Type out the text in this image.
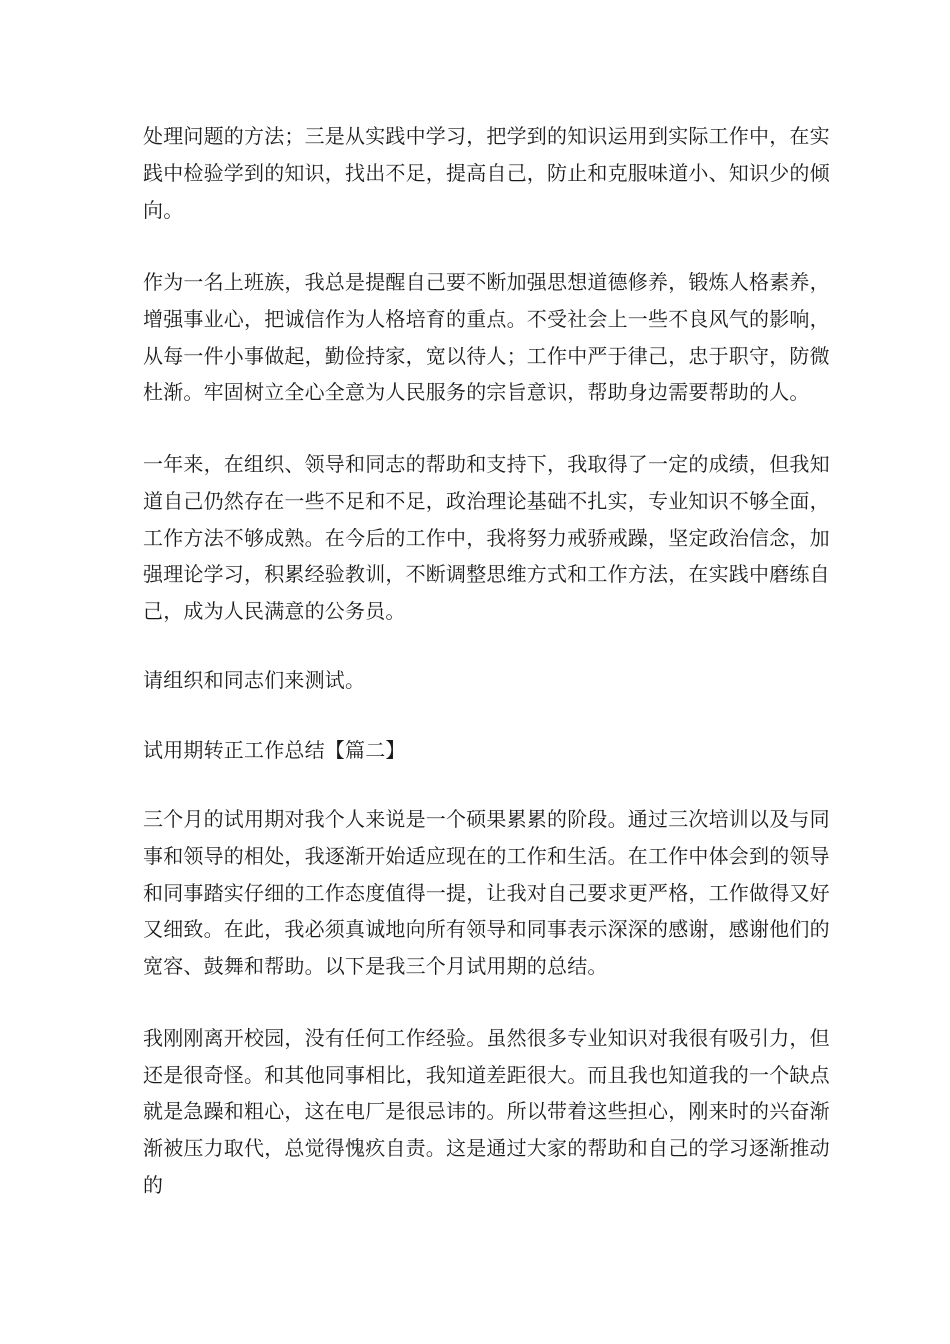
处理问题的方法；三是从实践中学习，把学到的知识运用到实际工作中，在实
践中检验学到的知识，找出不足，提高自己，防止和克服味道小、知识少的倾
向。
作为一名上班族，我总是提醒自己要不断加强思想道德修养，锻炼人格素养，
增强事业心，把诚信作为人格培育的重点。不受社会上一些不良风气的影响，
从每一件小事做起，勤俭持家，宽以待人；工作中严于律己，忠于职守，防微
杜渐。牢固树立全心全意为人民服务的宗旨意识，帮助身边需要帮助的人。
一年来，在组织、领导和同志的帮助和支持下，我取得了一定的成绩，但我知
道自己仍然存在一些不足和不足，政治理论基础不扎实，专业知识不够全面，
工作方法不够成熟。在今后的工作中，我将努力戒骄戒躁，坚定政治信念，加
强理论学习，积累经验教训，不断调整思维方式和工作方法，在实践中磨练自
己，成为人民满意的公务员。
请组织和同志们来测试。
试用期转正工作总结【篇二】
三个月的试用期对我个人来说是一个硕果累累的阶段。通过三次培训以及与同
事和领导的相处，我逐渐开始适应现在的工作和生活。在工作中体会到的领导
和同事踏实仔细的工作态度值得一提，让我对自己要求更严格，工作做得又好
又细致。在此，我必须真诚地向所有领导和同事表示深深的感谢，感谢他们的
宽容、鼓舞和帮助。以下是我三个月试用期的总结。
我刚刚离开校园，没有任何工作经验。虽然很多专业知识对我很有吸引力，但
还是很奇怪。和其他同事相比，我知道差距很大。而且我也知道我的一个缺点
就是急躁和粗心，这在电厂是很忌讳的。所以带着这些担心，刚来时的兴奋渐
渐被压力取代，总觉得愧疚自责。这是通过大家的帮助和自己的学习逐渐推动
的
